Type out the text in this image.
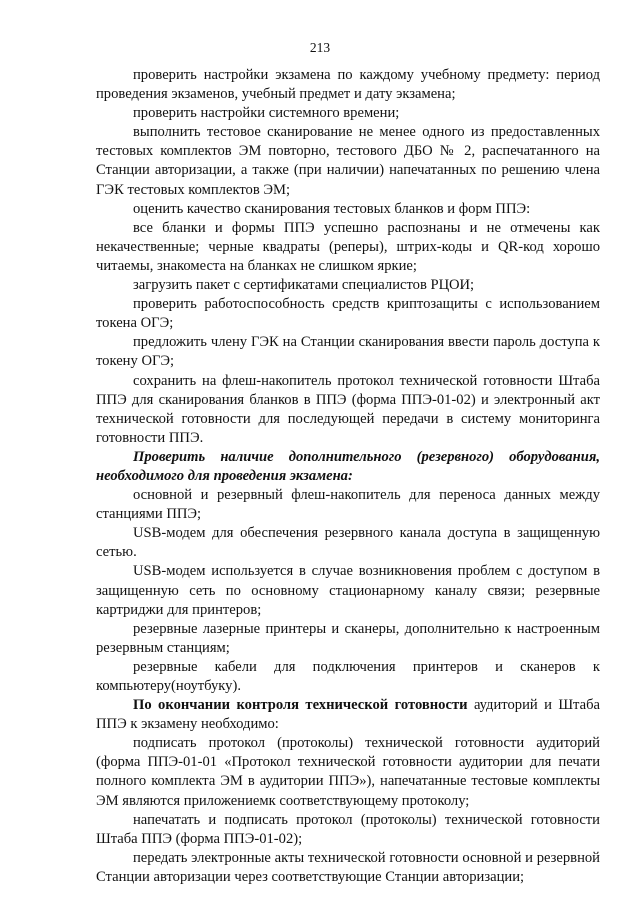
213

проверить настройки экзамена по каждому учебному предмету: период проведения экзаменов, учебный предмет и дату экзамена;

проверить настройки системного времени;

выполнить тестовое сканирование не менее одного из предоставленных тестовых комплектов ЭМ повторно, тестового ДБО № 2, распечатанного на Станции авторизации, а также (при наличии) напечатанных по решению члена ГЭК тестовых комплектов ЭМ;

оценить качество сканирования тестовых бланков и форм ППЭ:

все бланки и формы ППЭ успешно распознаны и не отмечены как некачественные; черные квадраты (реперы), штрих-коды и QR-код хорошо читаемы, знакоместа на бланках не слишком яркие;

загрузить пакет с сертификатами специалистов РЦОИ;

проверить работоспособность средств криптозащиты с использованием токена ОГЭ;

предложить члену ГЭК на Станции сканирования ввести пароль доступа к токену ОГЭ;

сохранить на флеш-накопитель протокол технической готовности Штаба ППЭ для сканирования бланков в ППЭ (форма ППЭ-01-02) и электронный акт технической готовности для последующей передачи в систему мониторинга готовности ППЭ.

Проверить наличие дополнительного (резервного) оборудования, необходимого для проведения экзамена:

основной и резервный флеш-накопитель для переноса данных между станциями ППЭ;

USB-модем для обеспечения резервного канала доступа в защищенную сетью.

USB-модем используется в случае возникновения проблем с доступом в защищенную сеть по основному стационарному каналу связи; резервные картриджи для принтеров;

резервные лазерные принтеры и сканеры, дополнительно к настроенным резервным станциям;

резервные кабели для подключения принтеров и сканеров к компьютеру(ноутбуку).

По окончании контроля технической готовности аудиторий и Штаба ППЭ к экзамену необходимо:

подписать протокол (протоколы) технической готовности аудиторий (форма ППЭ-01-01 «Протокол технической готовности аудитории для печати полного комплекта ЭМ в аудитории ППЭ»), напечатанные тестовые комплекты ЭМ являются приложениемк соответствующему протоколу;

напечатать и подписать протокол (протоколы) технической готовности Штаба ППЭ (форма ППЭ-01-02);

передать электронные акты технической готовности основной и резервной Станции авторизации через соответствующие Станции авторизации;
